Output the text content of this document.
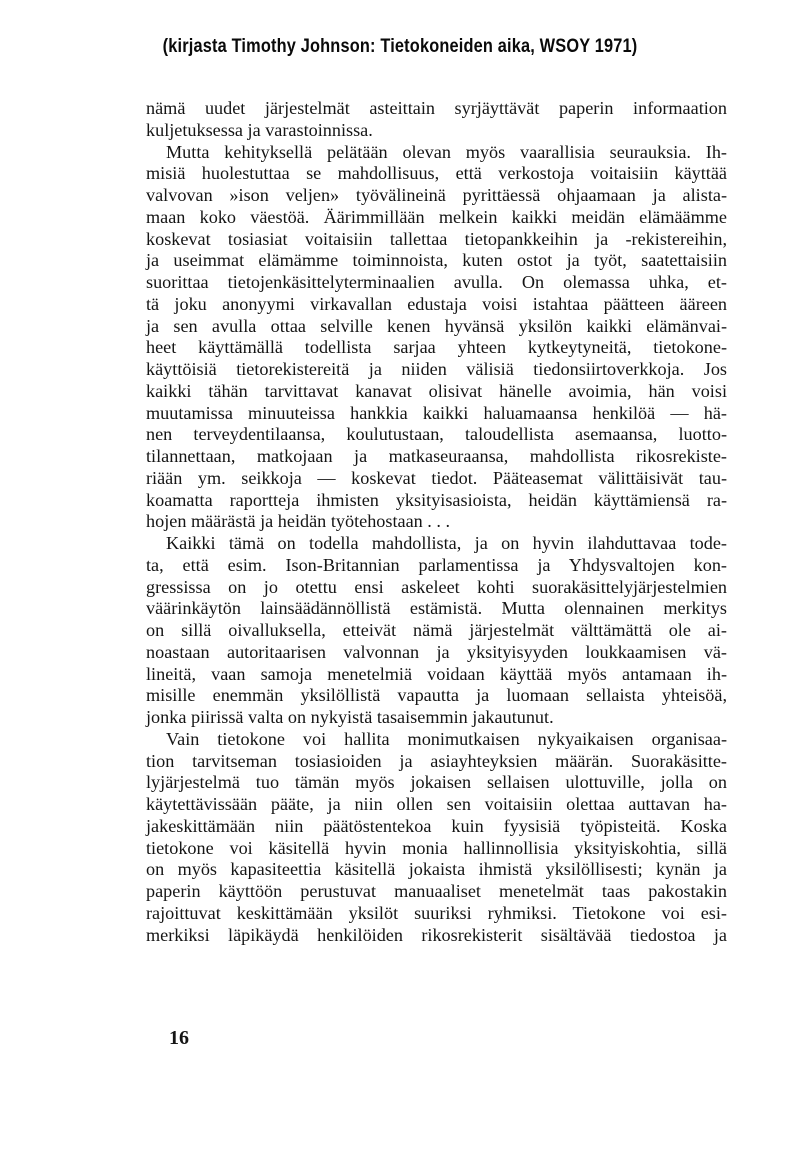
(kirjasta Timothy Johnson: Tietokoneiden aika, WSOY 1971)
nämä uudet järjestelmät asteittain syrjäyttävät paperin informaation
kuljetuksessa ja varastoinnissa.
Mutta kehityksellä pelätään olevan myös vaarallisia seurauksia. Ih-
misiä huolestuttaa se mahdollisuus, että verkostoja voitaisiin käyttää
valvovan »ison veljen» työvälineinä pyrittäessä ohjaamaan ja alista-
maan koko väestöä. Äärimmillään melkein kaikki meidän elämäämme
koskevat tosiasiat voitaisiin tallettaa tietopankkeihin ja -rekistereihin,
ja useimmat elämämme toiminnoista, kuten ostot ja työt, saatettaisiin
suorittaa tietojenkäsittelyterminaalien avulla. On olemassa uhka, et-
tä joku anonyymi virkavallan edustaja voisi istahtaa päätteen ääreen
ja sen avulla ottaa selville kenen hyvänsä yksilön kaikki elämänvai-
heet käyttämällä todellista sarjaa yhteen kytkeytyneitä, tietokone-
käyttöisiä tietorekistereitä ja niiden välisiä tiedonsiirtoverkkoja. Jos
kaikki tähän tarvittavat kanavat olisivat hänelle avoimia, hän voisi
muutamissa minuuteissa hankkia kaikki haluamaansa henkilöä — hä-
nen terveydentilaansa, koulutustaan, taloudellista asemaansa, luotto-
tilannettaan, matkojaan ja matkaseuraansa, mahdollista rikosrekiste-
riään ym. seikkoja — koskevat tiedot. Pääteasemat välittäisivät tau-
koamatta raportteja ihmisten yksityisasioista, heidän käyttämiensä ra-
hojen määrästä ja heidän työtehostaan . . .
Kaikki tämä on todella mahdollista, ja on hyvin ilahduttavaa tode-
ta, että esim. Ison-Britannian parlamentissa ja Yhdysvaltojen kon-
gressissa on jo otettu ensi askeleet kohti suorakäsittelyjärjestelmien
väärinkäytön lainsäädännöllistä estämistä. Mutta olennainen merkitys
on sillä oivalluksella, etteivät nämä järjestelmät välttämättä ole ai-
noastaan autoritaarisen valvonnan ja yksityisyyden loukkaamisen vä-
lineitä, vaan samoja menetelmiä voidaan käyttää myös antamaan ih-
misille enemmän yksilöllistä vapautta ja luomaan sellaista yhteisöä,
jonka piirissä valta on nykyistä tasaisemmin jakautunut.
Vain tietokone voi hallita monimutkaisen nykyaikaisen organisaa-
tion tarvitseman tosiasioiden ja asiayhteyksien määrän. Suorakäsitte-
lyjärjestelmä tuo tämän myös jokaisen sellaisen ulottuville, jolla on
käytettävissään pääte, ja niin ollen sen voitaisiin olettaa auttavan ha-
jakeskittämään niin päätöstentekoa kuin fyysisiä työpisteitä. Koska
tietokone voi käsitellä hyvin monia hallinnollisia yksityiskohtia, sillä
on myös kapasiteettia käsitellä jokaista ihmistä yksilöllisesti; kynän ja
paperin käyttöön perustuvat manuaaliset menetelmät taas pakostakin
rajoittuvat keskittämään yksilöt suuriksi ryhmiksi. Tietokone voi esi-
merkiksi läpikäydä henkilöiden rikosrekisterit sisältävää tiedostoa ja
16
